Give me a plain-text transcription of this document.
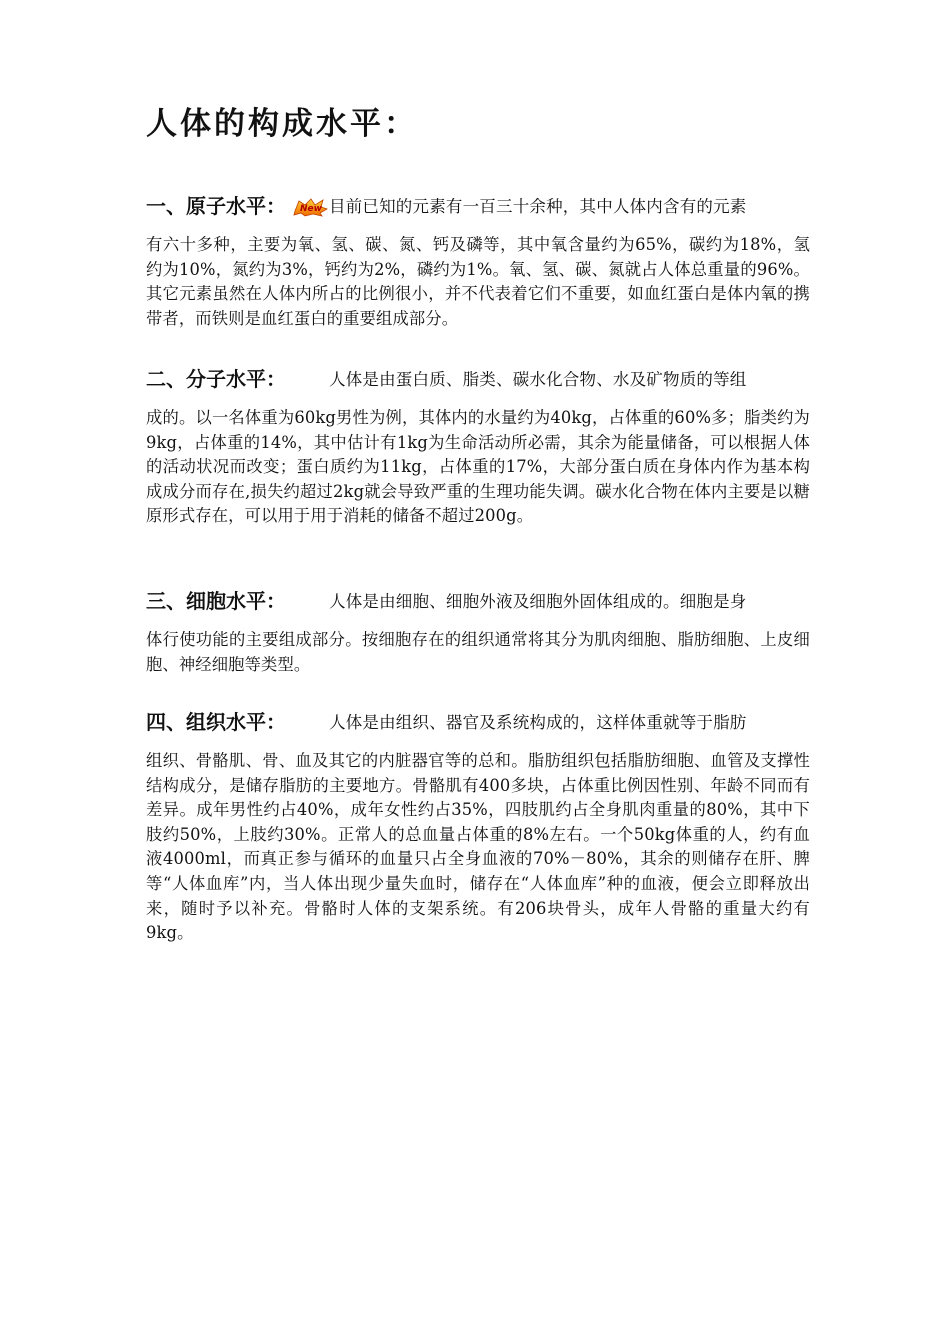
人体的构成水平：
一、原子水平： New 目前已知的元素有一百三十余种，其中人体内含有的元素

有六十多种，主要为氧、氢、碳、氮、钙及磷等，其中氧含量约为65%，碳约为18%，氢约为10%，氮约为3%，钙约为2%，磷约为1%。氧、氢、碳、氮就占人体总重量的96%。其它元素虽然在人体内所占的比例很小，并不代表着它们不重要，如血红蛋白是体内氧的携带者，而铁则是血红蛋白的重要组成部分。

二、分子水平：	人体是由蛋白质、脂类、碳水化合物、水及矿物质的等组

成的。以一名体重为60kg男性为例，其体内的水量约为40kg，占体重的60%多；脂类约为9kg，占体重的14%，其中估计有1kg为生命活动所必需，其余为能量储备，可以根据人体的活动状况而改变；蛋白质约为11kg，占体重的17%，大部分蛋白质在身体内作为基本构成成分而存在,损失约超过2kg就会导致严重的生理功能失调。碳水化合物在体内主要是以糖原形式存在，可以用于用于消耗的储备不超过200g。

三、细胞水平：	人体是由细胞、细胞外液及细胞外固体组成的。细胞是身

体行使功能的主要组成部分。按细胞存在的组织通常将其分为肌肉细胞、脂肪细胞、上皮细胞、神经细胞等类型。

四、组织水平：	人体是由组织、器官及系统构成的，这样体重就等于脂肪

组织、骨骼肌、骨、血及其它的内脏器官等的总和。脂肪组织包括脂肪细胞、血管及支撑性结构成分，是储存脂肪的主要地方。骨骼肌有400多块，占体重比例因性别、年龄不同而有差异。成年男性约占40%，成年女性约占35%，四肢肌约占全身肌肉重量的80%，其中下肢约50%，上肢约30%。正常人的总血量占体重的8%左右。一个50kg体重的人，约有血液4000ml，而真正参与循环的血量只占全身血液的70%－80%，其余的则储存在肝、脾等“人体血库”内，当人体出现少量失血时，储存在“人体血库”种的血液，便会立即释放出来，随时予以补充。骨骼时人体的支架系统。有206块骨头，成年人骨骼的重量大约有9kg。
